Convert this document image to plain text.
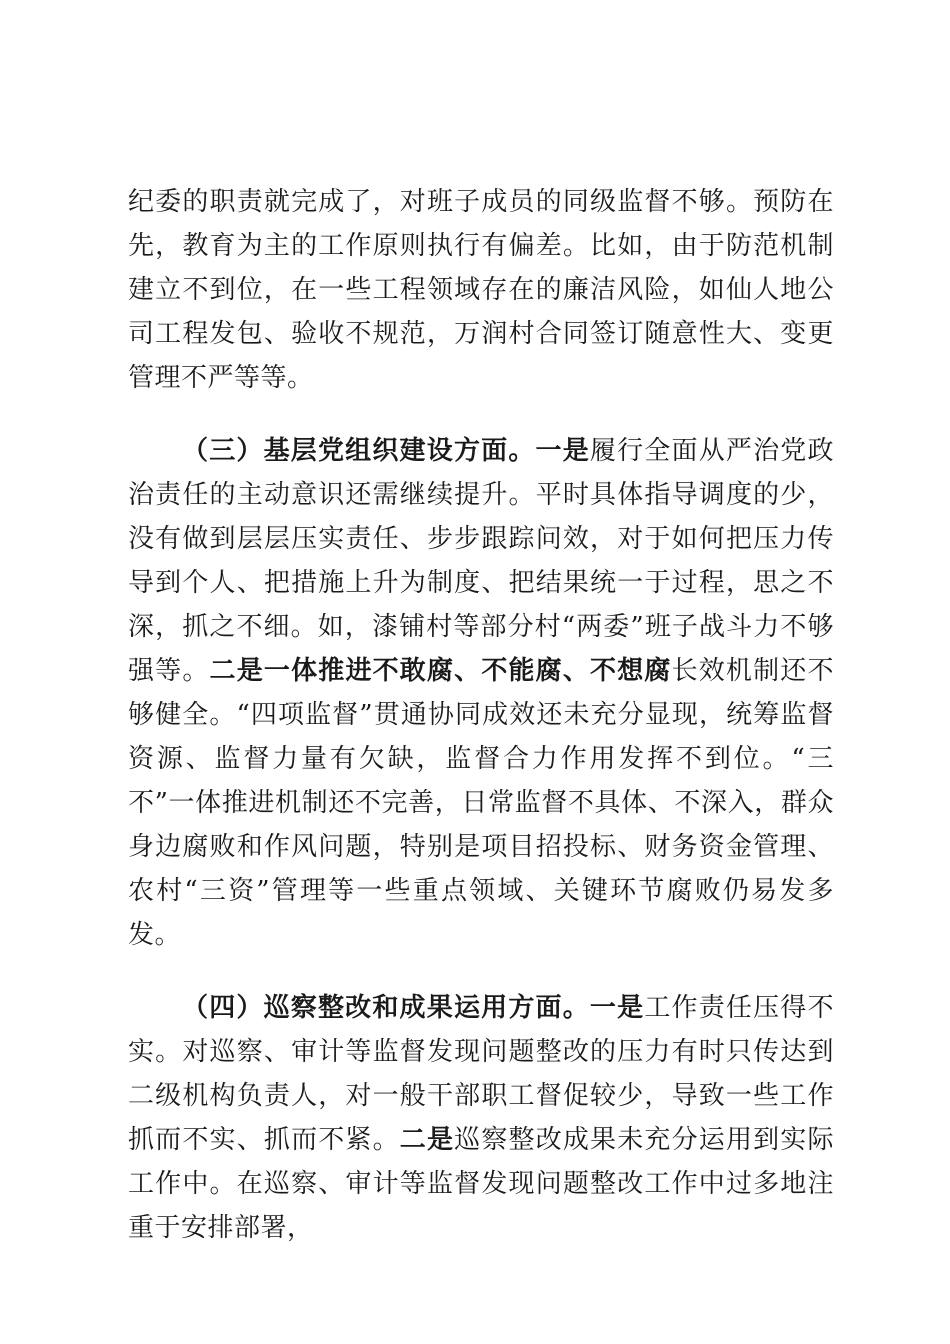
纪委的职责就完成了，对班子成员的同级监督不够。预防在先，教育为主的工作原则执行有偏差。比如，由于防范机制建立不到位，在一些工程领域存在的廉洁风险，如仙人地公司工程发包、验收不规范，万润村合同签订随意性大、变更管理不严等等。

（三）基层党组织建设方面。一是履行全面从严治党政治责任的主动意识还需继续提升。平时具体指导调度的少，没有做到层层压实责任、步步跟踪问效，对于如何把压力传导到个人、把措施上升为制度、把结果统一于过程，思之不深，抓之不细。如，漆铺村等部分村“两委”班子战斗力不够强等。二是一体推进不敢腐、不能腐、不想腐长效机制还不够健全。“四项监督”贯通协同成效还未充分显现，统筹监督资源、监督力量有欠缺，监督合力作用发挥不到位。“三不”一体推进机制还不完善，日常监督不具体、不深入，群众身边腐败和作风问题，特别是项目招投标、财务资金管理、农村“三资”管理等一些重点领域、关键环节腐败仍易发多发。

（四）巡察整改和成果运用方面。一是工作责任压得不实。对巡察、审计等监督发现问题整改的压力有时只传达到二级机构负责人，对一般干部职工督促较少，导致一些工作抓而不实、抓而不紧。二是巡察整改成果未充分运用到实际工作中。在巡察、审计等监督发现问题整改工作中过多地注重于安排部署，
